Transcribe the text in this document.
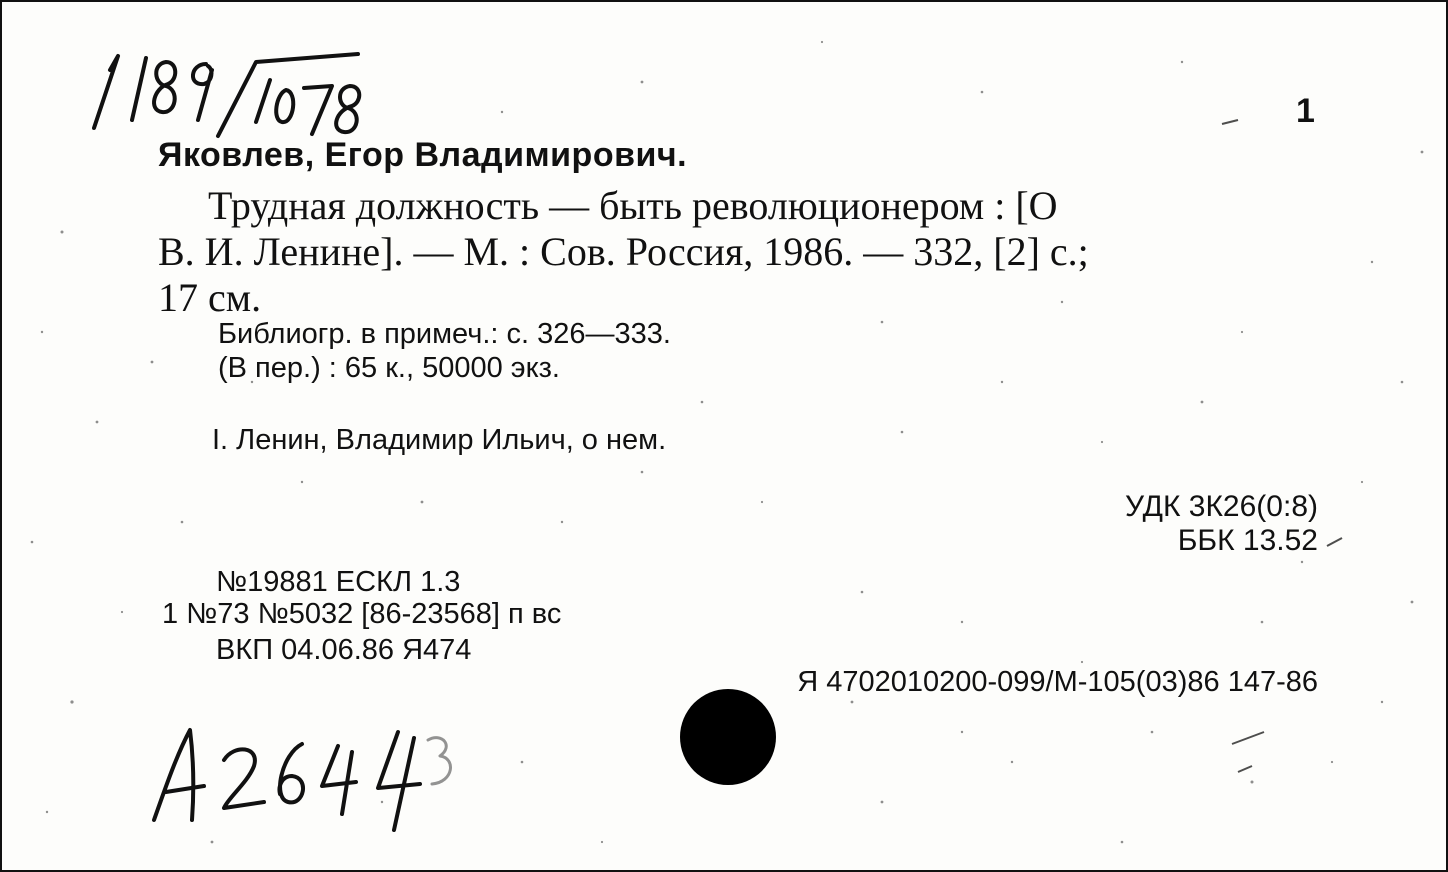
1
Яковлев, Егор Владимирович.
Трудная должность — быть революционером : [О
В. И. Ленине]. — М. : Сов. Россия, 1986. — 332, [2] с.;
17 см.
Библиогр. в примеч.: с. 326—333.
(В пер.) : 65 к., 50000 экз.
I. Ленин, Владимир Ильич, о нем.
УДК 3К26(0:8)
ББК 13.52
№19881 ЕСКЛ 1.3
1 №73 №5032 [86-23568] п вс
ВКП 04.06.86 Я474
Я 4702010200-099/М-105(03)86 147-86
